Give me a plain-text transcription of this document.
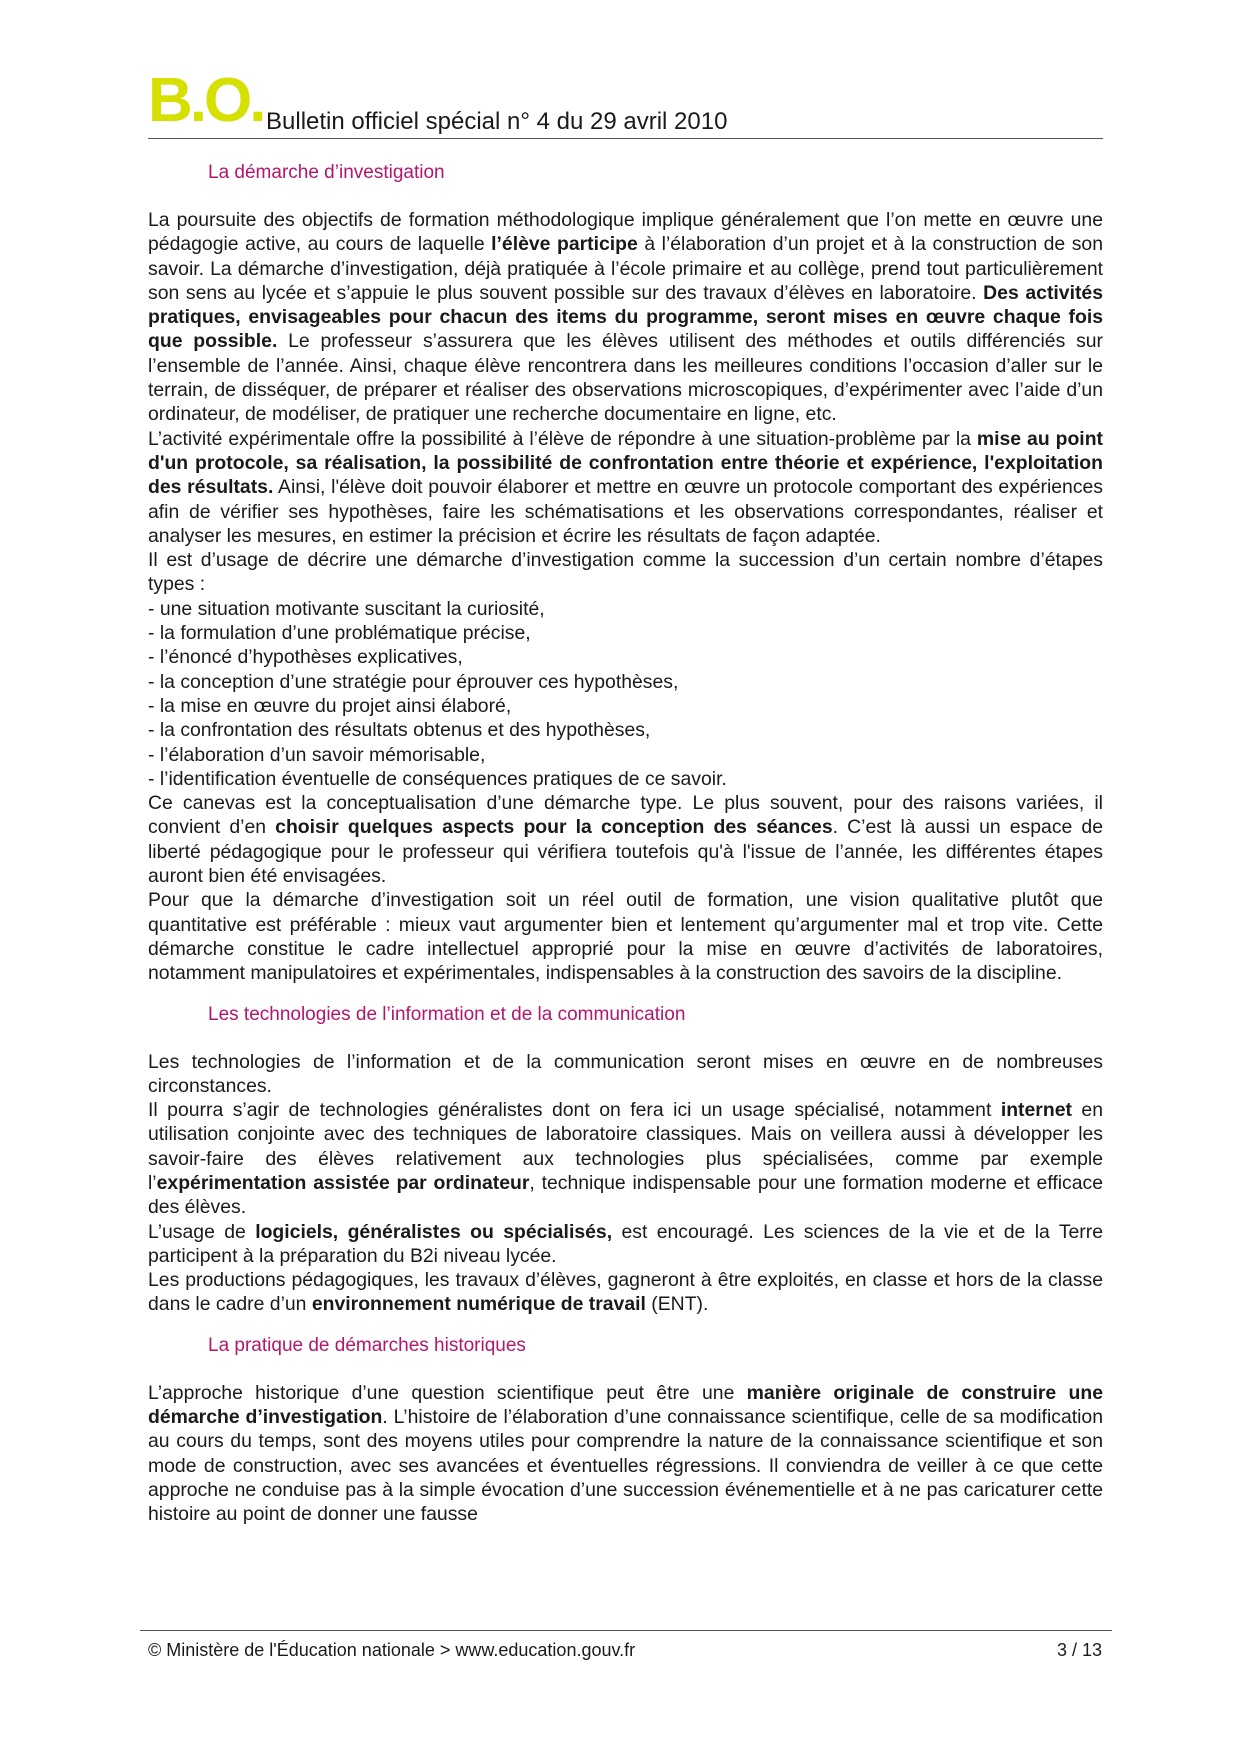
B.O. Bulletin officiel spécial n° 4 du 29 avril 2010
La démarche d’investigation

La poursuite des objectifs de formation méthodologique implique généralement que l’on mette en œuvre une pédagogie active, au cours de laquelle l’élève participe à l’élaboration d’un projet et à la construction de son savoir. La démarche d’investigation, déjà pratiquée à l’école primaire et au collège, prend tout particulièrement son sens au lycée et s’appuie le plus souvent possible sur des travaux d’élèves en laboratoire. Des activités pratiques, envisageables pour chacun des items du programme, seront mises en œuvre chaque fois que possible. Le professeur s’assurera que les élèves utilisent des méthodes et outils différenciés sur l’ensemble de l’année. Ainsi, chaque élève rencontrera dans les meilleures conditions l’occasion d’aller sur le terrain, de disséquer, de préparer et réaliser des observations microscopiques, d’expérimenter avec l’aide d’un ordinateur, de modéliser, de pratiquer une recherche documentaire en ligne, etc.

L’activité expérimentale offre la possibilité à l’élève de répondre à une situation-problème par la mise au point d'un protocole, sa réalisation, la possibilité de confrontation entre théorie et expérience, l'exploitation des résultats. Ainsi, l'élève doit pouvoir élaborer et mettre en œuvre un protocole comportant des expériences afin de vérifier ses hypothèses, faire les schématisations et les observations correspondantes, réaliser et analyser les mesures, en estimer la précision et écrire les résultats de façon adaptée.

Il est d’usage de décrire une démarche d’investigation comme la succession d’un certain nombre d’étapes types :

- une situation motivante suscitant la curiosité,

- la formulation d’une problématique précise,

- l’énoncé d’hypothèses explicatives,

- la conception d’une stratégie pour éprouver ces hypothèses,

- la mise en œuvre du projet ainsi élaboré,

- la confrontation des résultats obtenus et des hypothèses,

- l’élaboration d’un savoir mémorisable,

- l’identification éventuelle de conséquences pratiques de ce savoir.

Ce canevas est la conceptualisation d’une démarche type. Le plus souvent, pour des raisons variées, il convient d’en choisir quelques aspects pour la conception des séances. C’est là aussi un espace de liberté pédagogique pour le professeur qui vérifiera toutefois qu'à l'issue de l’année, les différentes étapes auront bien été envisagées.

Pour que la démarche d’investigation soit un réel outil de formation, une vision qualitative plutôt que quantitative est préférable : mieux vaut argumenter bien et lentement qu’argumenter mal et trop vite. Cette démarche constitue le cadre intellectuel approprié pour la mise en œuvre d’activités de laboratoires, notamment manipulatoires et expérimentales, indispensables à la construction des savoirs de la discipline.

Les technologies de l’information et de la communication

Les technologies de l’information et de la communication seront mises en œuvre en de nombreuses circonstances.

Il pourra s’agir de technologies généralistes dont on fera ici un usage spécialisé, notamment internet en utilisation conjointe avec des techniques de laboratoire classiques. Mais on veillera aussi à développer les savoir-faire des élèves relativement aux technologies plus spécialisées, comme par exemple l’expérimentation assistée par ordinateur, technique indispensable pour une formation moderne et efficace des élèves.

L’usage de logiciels, généralistes ou spécialisés, est encouragé. Les sciences de la vie et de la Terre participent à la préparation du B2i niveau lycée.

Les productions pédagogiques, les travaux d’élèves, gagneront à être exploités, en classe et hors de la classe dans le cadre d’un environnement numérique de travail (ENT).

La pratique de démarches historiques

L’approche historique d’une question scientifique peut être une manière originale de construire une démarche d’investigation. L’histoire de l’élaboration d’une connaissance scientifique, celle de sa modification au cours du temps, sont des moyens utiles pour comprendre la nature de la connaissance scientifique et son mode de construction, avec ses avancées et éventuelles régressions. Il conviendra de veiller à ce que cette approche ne conduise pas à la simple évocation d’une succession événementielle et à ne pas caricaturer cette histoire au point de donner une fausse

© Ministère de l'Éducation nationale > www.education.gouv.fr	3 / 13
